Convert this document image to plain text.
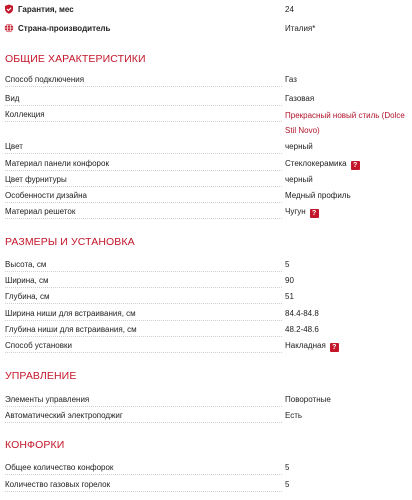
Гарантия, мес	24
Страна-производитель	Италия*
ОБЩИЕ ХАРАКТЕРИСТИКИ
Способ подключения	Газ
Вид	Газовая
Коллекция	Прекрасный новый стиль (Dolce Stil Novo)
Цвет	черный
Материал панели конфорок	Стеклокерамика ?
Цвет фурнитуры	черный
Особенности дизайна	Медный профиль
Материал решеток	Чугун ?
РАЗМЕРЫ И УСТАНОВКА
Высота, см	5
Ширина, см	90
Глубина, см	51
Ширина ниши для встраивания, см	84.4-84.8
Глубина ниши для встраивания, см	48.2-48.6
Способ установки	Накладная ?
УПРАВЛЕНИЕ
Элементы управления	Поворотные
Автоматический электроподжиг	Есть
КОНФОРКИ
Общее количество конфорок	5
Количество газовых горелок	5
